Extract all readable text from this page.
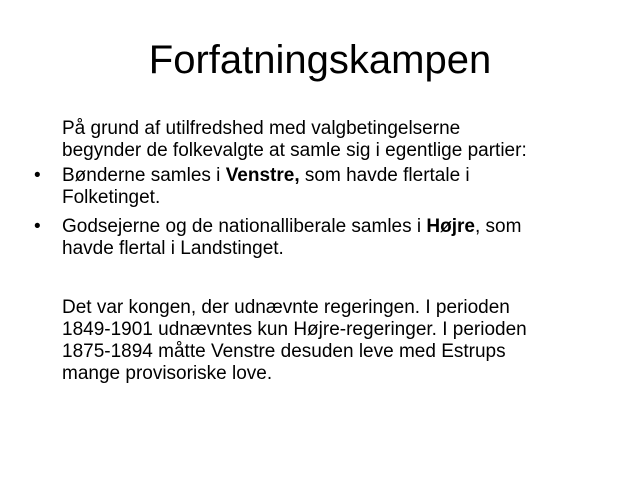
Forfatningskampen
På grund af utilfredshed med valgbetingelserne
begynder de folkevalgte at samle sig i egentlige partier:
•	Bønderne samles i Venstre, som havde flertale i
Folketinget.
•	Godsejerne og de nationalliberale samles i Højre, som
havde flertal i Landstinget.
Det var kongen, der udnævnte regeringen. I perioden
1849-1901 udnævntes kun Højre-regeringer. I perioden
1875-1894 måtte Venstre desuden leve med Estrups
mange provisoriske love.
